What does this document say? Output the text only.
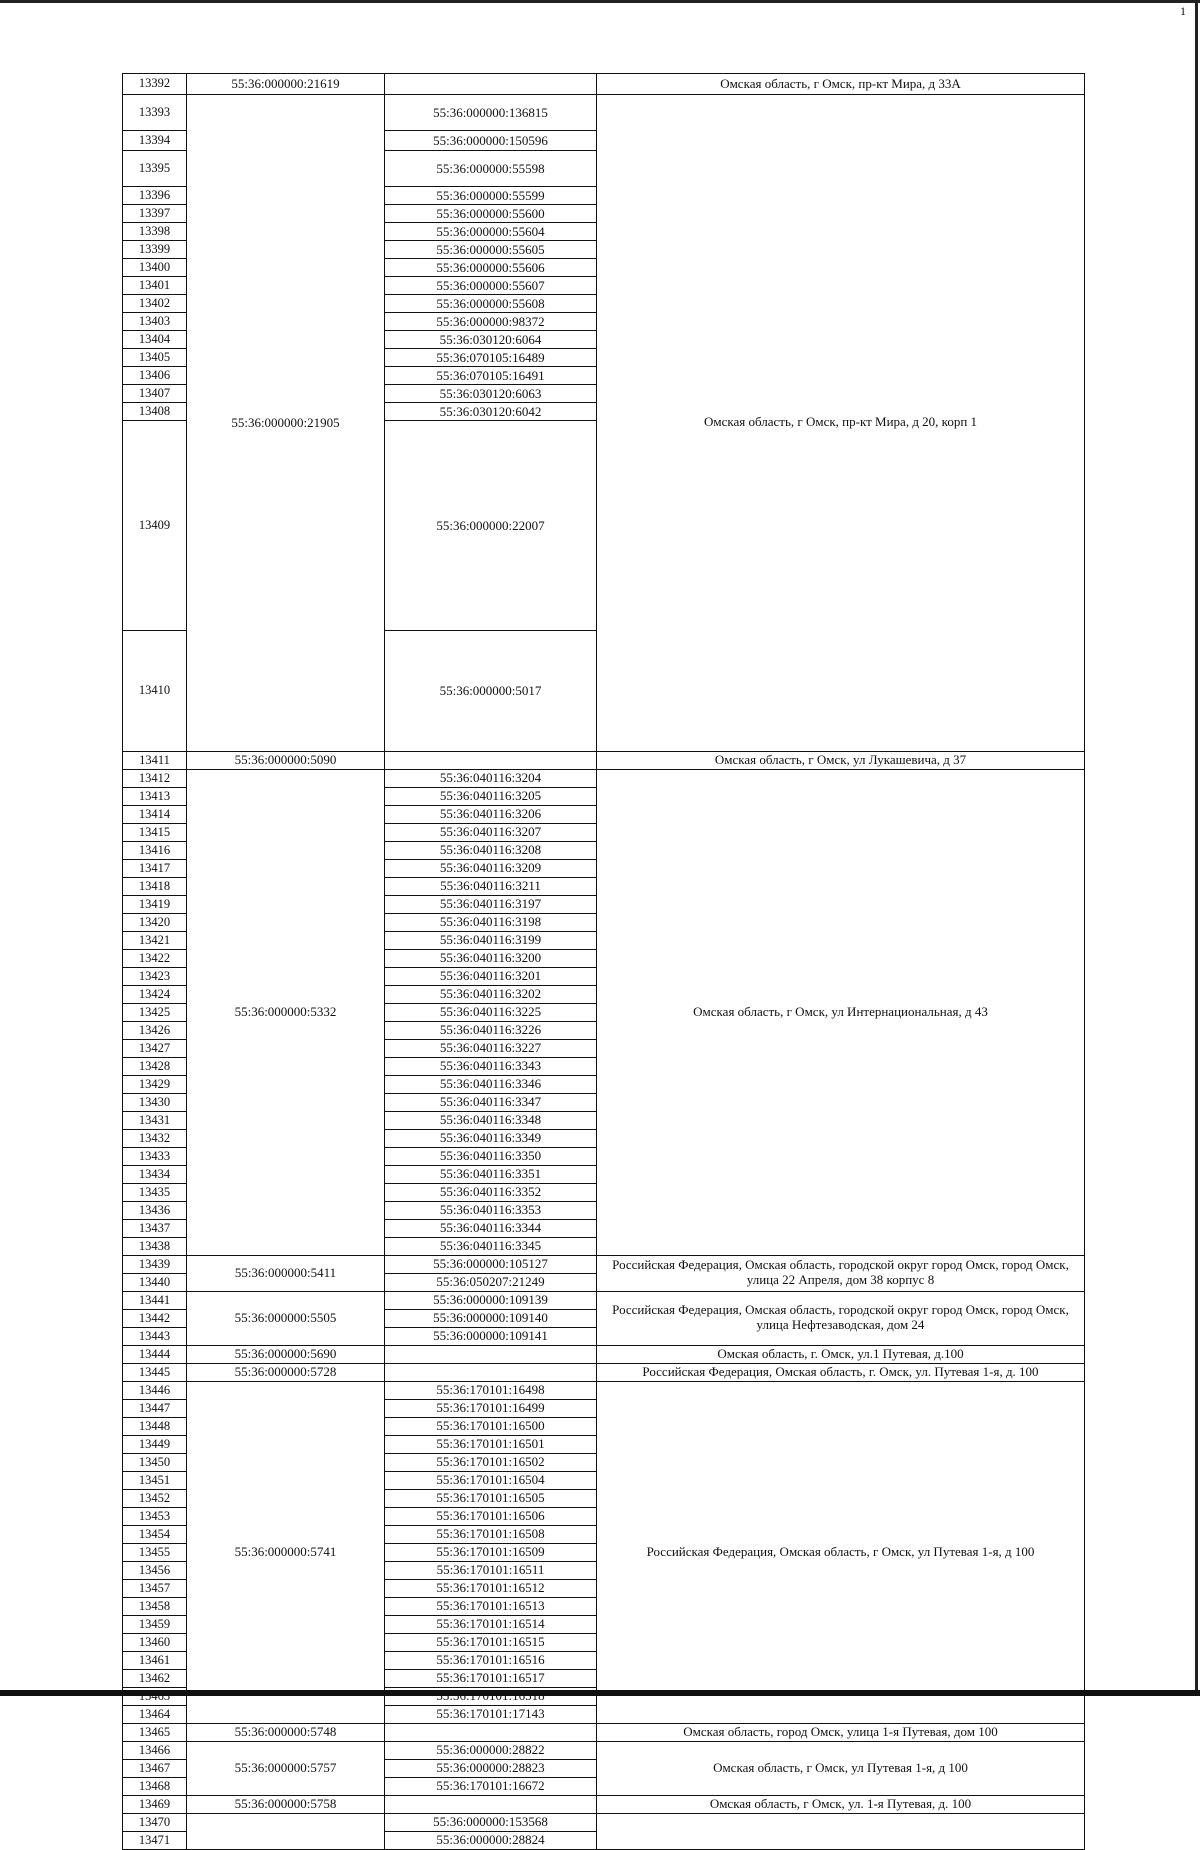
1
13392	55:36:000000:21619		Омская область, г Омск, пр-кт Мира, д 33А	
13393	55:36:000000:21905	55:36:000000:136815	Омская область, г Омск, пр-кт Мира, д 20, корп 1	
13394		55:36:000000:150596		
13395		55:36:000000:55598		
13396		55:36:000000:55599		
13397		55:36:000000:55600		
13398		55:36:000000:55604		
13399		55:36:000000:55605		
13400		55:36:000000:55606		
13401		55:36:000000:55607		
13402		55:36:000000:55608		
13403		55:36:000000:98372		
13404		55:36:030120:6064		
13405		55:36:070105:16489		
13406		55:36:070105:16491		
13407		55:36:030120:6063		
13408		55:36:030120:6042		
13409		55:36:000000:22007		
13410		55:36:000000:5017		
13411	55:36:000000:5090		Омская область, г Омск, ул Лукашевича, д 37	
13412	55:36:000000:5332	55:36:040116:3204	Омская область, г Омск, ул Интернациональная, д 43	
13413		55:36:040116:3205		
13414		55:36:040116:3206		
13415		55:36:040116:3207		
13416		55:36:040116:3208		
13417		55:36:040116:3209		
13418		55:36:040116:3211		
13419		55:36:040116:3197		
13420		55:36:040116:3198		
13421		55:36:040116:3199		
13422		55:36:040116:3200		
13423		55:36:040116:3201		
13424		55:36:040116:3202		
13425		55:36:040116:3225		
13426		55:36:040116:3226		
13427		55:36:040116:3227		
13428		55:36:040116:3343		
13429		55:36:040116:3346		
13430		55:36:040116:3347		
13431		55:36:040116:3348		
13432		55:36:040116:3349		
13433		55:36:040116:3350		
13434		55:36:040116:3351		
13435		55:36:040116:3352		
13436		55:36:040116:3353		
13437		55:36:040116:3344		
13438		55:36:040116:3345		
13439	55:36:000000:5411	55:36:000000:105127	Российская Федерация, Омская область, городской округ город Омск, город Омск, улица 22 Апреля, дом 38 корпус 8	
13440		55:36:050207:21249		
13441	55:36:000000:5505	55:36:000000:109139	Российская Федерация, Омская область, городской округ город Омск, город Омск, улица Нефтезаводская, дом 24	
13442		55:36:000000:109140		
13443		55:36:000000:109141		
13444	55:36:000000:5690		Омская область, г. Омск, ул.1 Путевая, д.100	
13445	55:36:000000:5728		Российская Федерация, Омская область, г. Омск, ул. Путевая 1-я, д. 100	
13446	55:36:000000:5741	55:36:170101:16498	Российская Федерация, Омская область, г Омск, ул Путевая 1-я, д 100	
13447		55:36:170101:16499		
13448		55:36:170101:16500		
13449		55:36:170101:16501		
13450		55:36:170101:16502		
13451		55:36:170101:16504		
13452		55:36:170101:16505		
13453		55:36:170101:16506		
13454		55:36:170101:16508		
13455		55:36:170101:16509		
13456		55:36:170101:16511		
13457		55:36:170101:16512		
13458		55:36:170101:16513		
13459		55:36:170101:16514		
13460		55:36:170101:16515		
13461		55:36:170101:16516		
13462		55:36:170101:16517		
13463		55:36:170101:16518		
13464		55:36:170101:17143		
13465	55:36:000000:5748		Омская область, город Омск, улица 1-я Путевая, дом 100	
13466	55:36:000000:5757	55:36:000000:28822	Омская область, г Омск, ул Путевая 1-я, д 100	
13467		55:36:000000:28823		
13468		55:36:170101:16672		
13469	55:36:000000:5758		Омская область, г Омск, ул. 1-я Путевая, д. 100	
13470		55:36:000000:153568		
13471		55:36:000000:28824		
